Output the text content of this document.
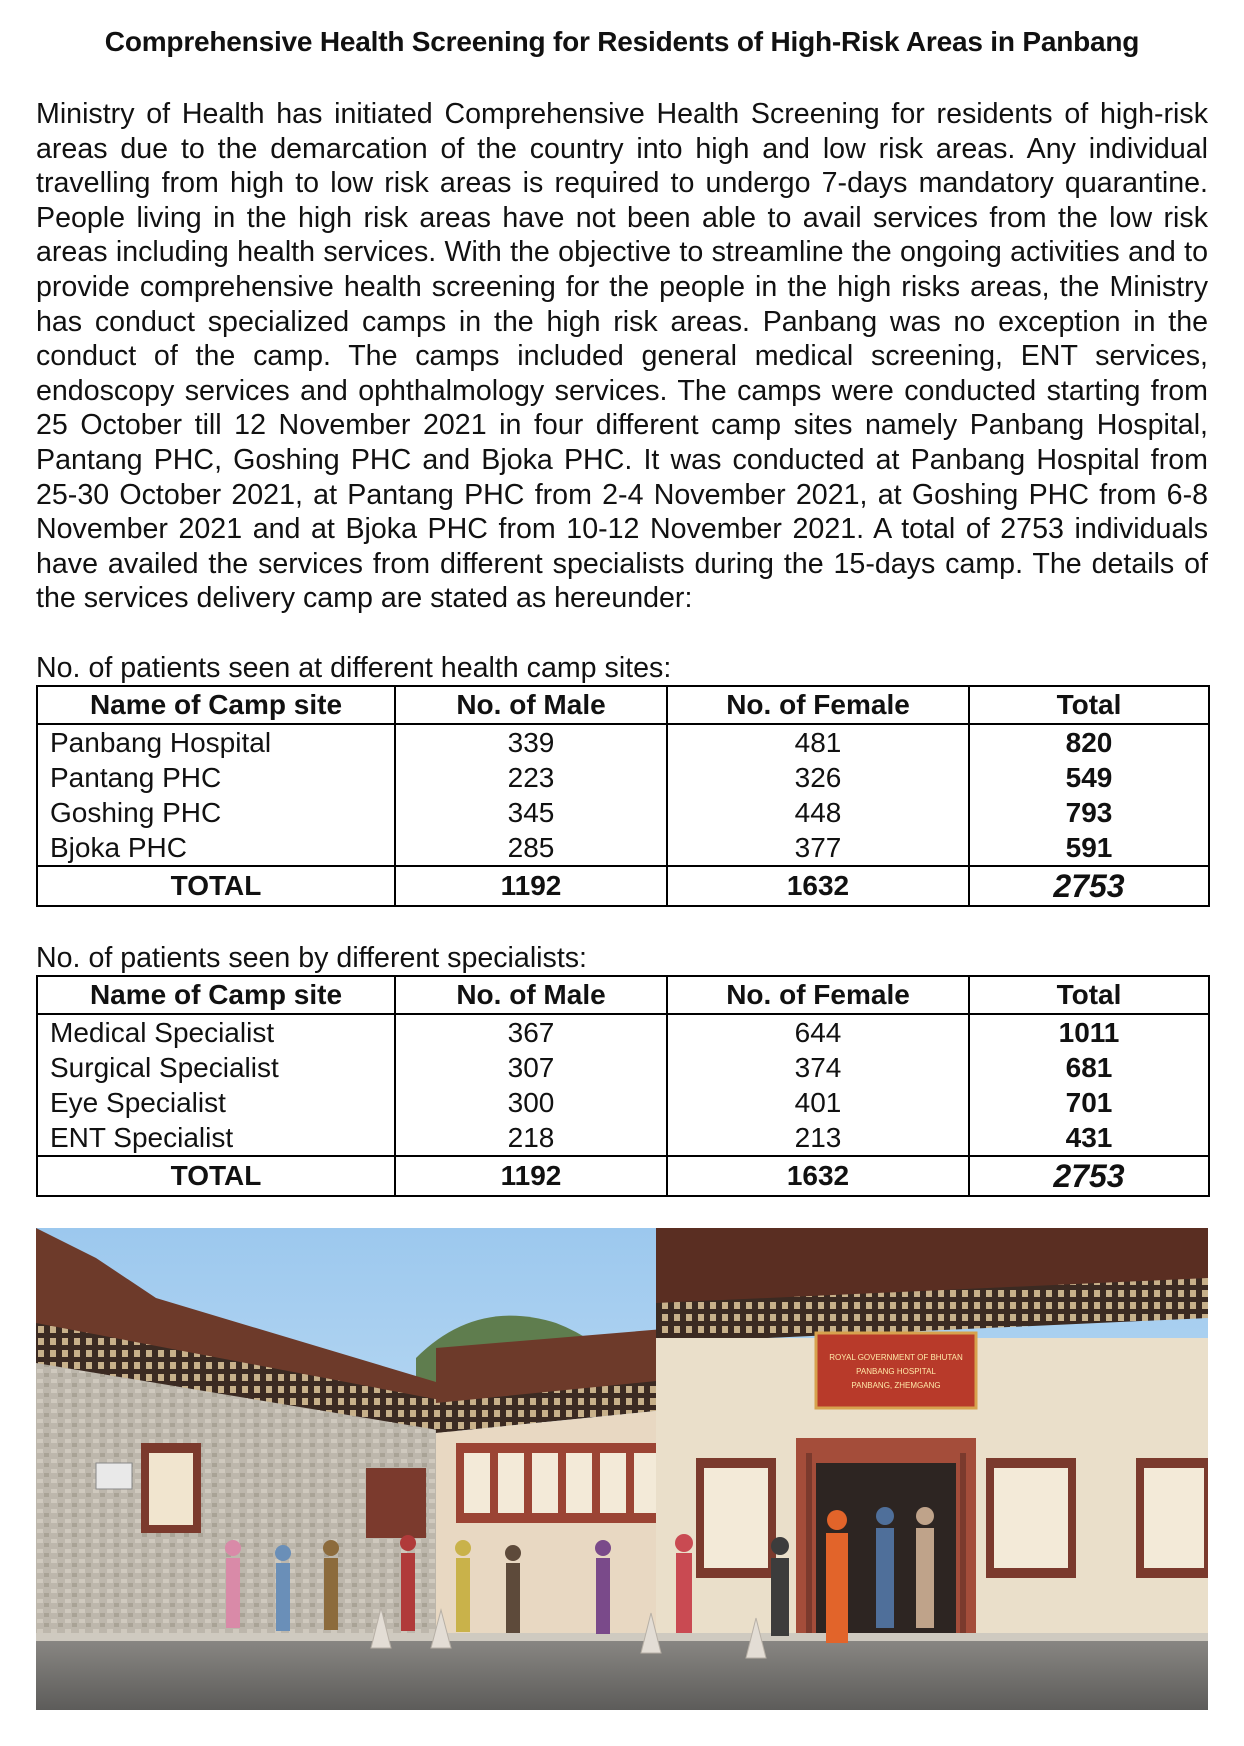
Comprehensive Health Screening for Residents of High-Risk Areas in Panbang

Ministry of Health has initiated Comprehensive Health Screening for residents of high-risk areas due to the demarcation of the country into high and low risk areas. Any individual travelling from high to low risk areas is required to undergo 7-days mandatory quarantine. People living in the high risk areas have not been able to avail services from the low risk areas including health services. With the objective to streamline the ongoing activities and to provide comprehensive health screening for the people in the high risks areas, the Ministry has conduct specialized camps in the high risk areas. Panbang was no exception in the conduct of the camp. The camps included general medical screening, ENT services, endoscopy services and ophthalmology services. The camps were conducted starting from 25 October till 12 November 2021 in four different camp sites namely Panbang Hospital, Pantang PHC, Goshing PHC and Bjoka PHC. It was conducted at Panbang Hospital from 25-30 October 2021, at Pantang PHC from 2-4 November 2021, at Goshing PHC from 6-8 November 2021 and at Bjoka PHC from 10-12 November 2021. A total of 2753 individuals have availed the services from different specialists during the 15-days camp. The details of the services delivery camp are stated as hereunder:

No. of patients seen at different health camp sites:

Name of Camp site	No. of Male	No. of Female	Total
Panbang Hospital	339	481	820
Pantang PHC	223	326	549
Goshing PHC	345	448	793
Bjoka PHC	285	377	591
TOTAL	1192	1632	2753

No. of patients seen by different specialists:

Name of Camp site	No. of Male	No. of Female	Total
Medical Specialist	367	644	1011
Surgical Specialist	307	374	681
Eye Specialist	300	401	701
ENT Specialist	218	213	431
TOTAL	1192	1632	2753
ROYAL GOVERNMENT OF BHUTAN
PANBANG HOSPITAL
PANBANG, ZHEMGANG
